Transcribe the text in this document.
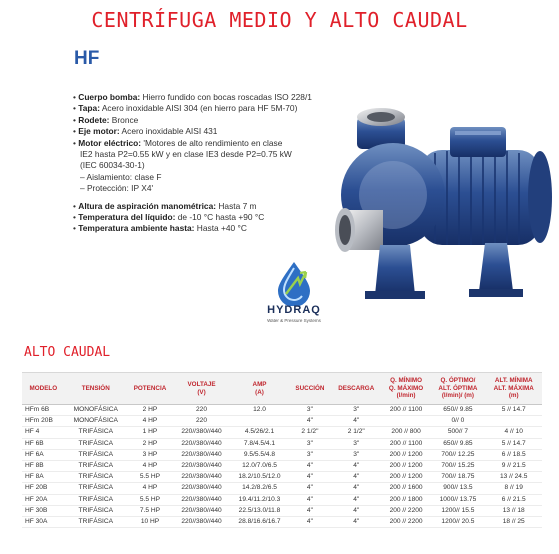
CENTRÍFUGA MEDIO Y ALTO CAUDAL
HF
• Cuerpo bomba: Hierro fundido con bocas roscadas ISO 228/1
• Tapa: Acero inoxidable AISI 304 (en hierro para HF 5M-70)
• Rodete: Bronce
• Eje motor: Acero inoxidable AISI 431
• Motor eléctrico: 'Motores de alto rendimiento en clase
IE2 hasta P2=0.55 kW y en clase IE3 desde P2=0.75 kW
(IEC 60034-30-1)
– Aislamiento: clase F
– Protección: IP X4'
• Altura de aspiración manométrica: Hasta 7 m
• Temperatura del líquido: de -10 °C hasta +90 °C
• Temperatura ambiente hasta: Hasta +40 °C
HYDRAQ
Water & Pressure Systems
ALTO CAUDAL
MODELO	TENSIÓN	POTENCIA	VOLTAJE
(V)	AMP
(A)	SUCCIÓN	DESCARGA	Q. MÍNIMO
Q. MÁXIMO
(l/min)	Q. ÓPTIMO/
ALT. ÓPTIMA
(l/min)/ (m)	ALT. MÍNIMA
ALT. MÁXIMA
(m)
HFm 6B	MONOFÁSICA	2 HP	220	12.0	3"	3"	200 // 1100	650// 9.85	5 // 14.7
HFm 20B	MONOFÁSICA	4 HP	220		4"	4"		0// 0	
HF 4	TRIFÁSICA	1 HP	220//380//440	4.5/26/2.1	2 1/2"	2 1/2"	200 // 800	500// 7	4 // 10
HF 6B	TRIFÁSICA	2 HP	220//380//440	7.8/4.5/4.1	3"	3"	200 // 1100	650// 9.85	5 // 14.7
HF 6A	TRIFÁSICA	3 HP	220//380//440	9.5/5.5/4.8	3"	3"	200 // 1200	700// 12.25	6 // 18.5
HF 8B	TRIFÁSICA	4 HP	220//380//440	12.0/7.0/6.5	4"	4"	200 // 1200	700// 15.25	9 // 21.5
HF 8A	TRIFÁSICA	5.5 HP	220//380//440	18.2/10.5/12.0	4"	4"	200 // 1200	700// 18.75	13 // 24.5
HF 20B	TRIFÁSICA	4 HP	220//380//440	14.2/8.2/6.5	4"	4"	200 // 1600	900// 13.5	8 // 19
HF 20A	TRIFÁSICA	5.5 HP	220//380//440	19.4/11.2/10.3	4"	4"	200 // 1800	1000// 13.75	6 // 21.5
HF 30B	TRIFÁSICA	7.5 HP	220//380//440	22.5/13.0/11.8	4"	4"	200 // 2200	1200// 15.5	13 // 18
HF 30A	TRIFÁSICA	10 HP	220//380//440	28.8/16.6/16.7	4"	4"	200 // 2200	1200// 20.5	18 // 25
